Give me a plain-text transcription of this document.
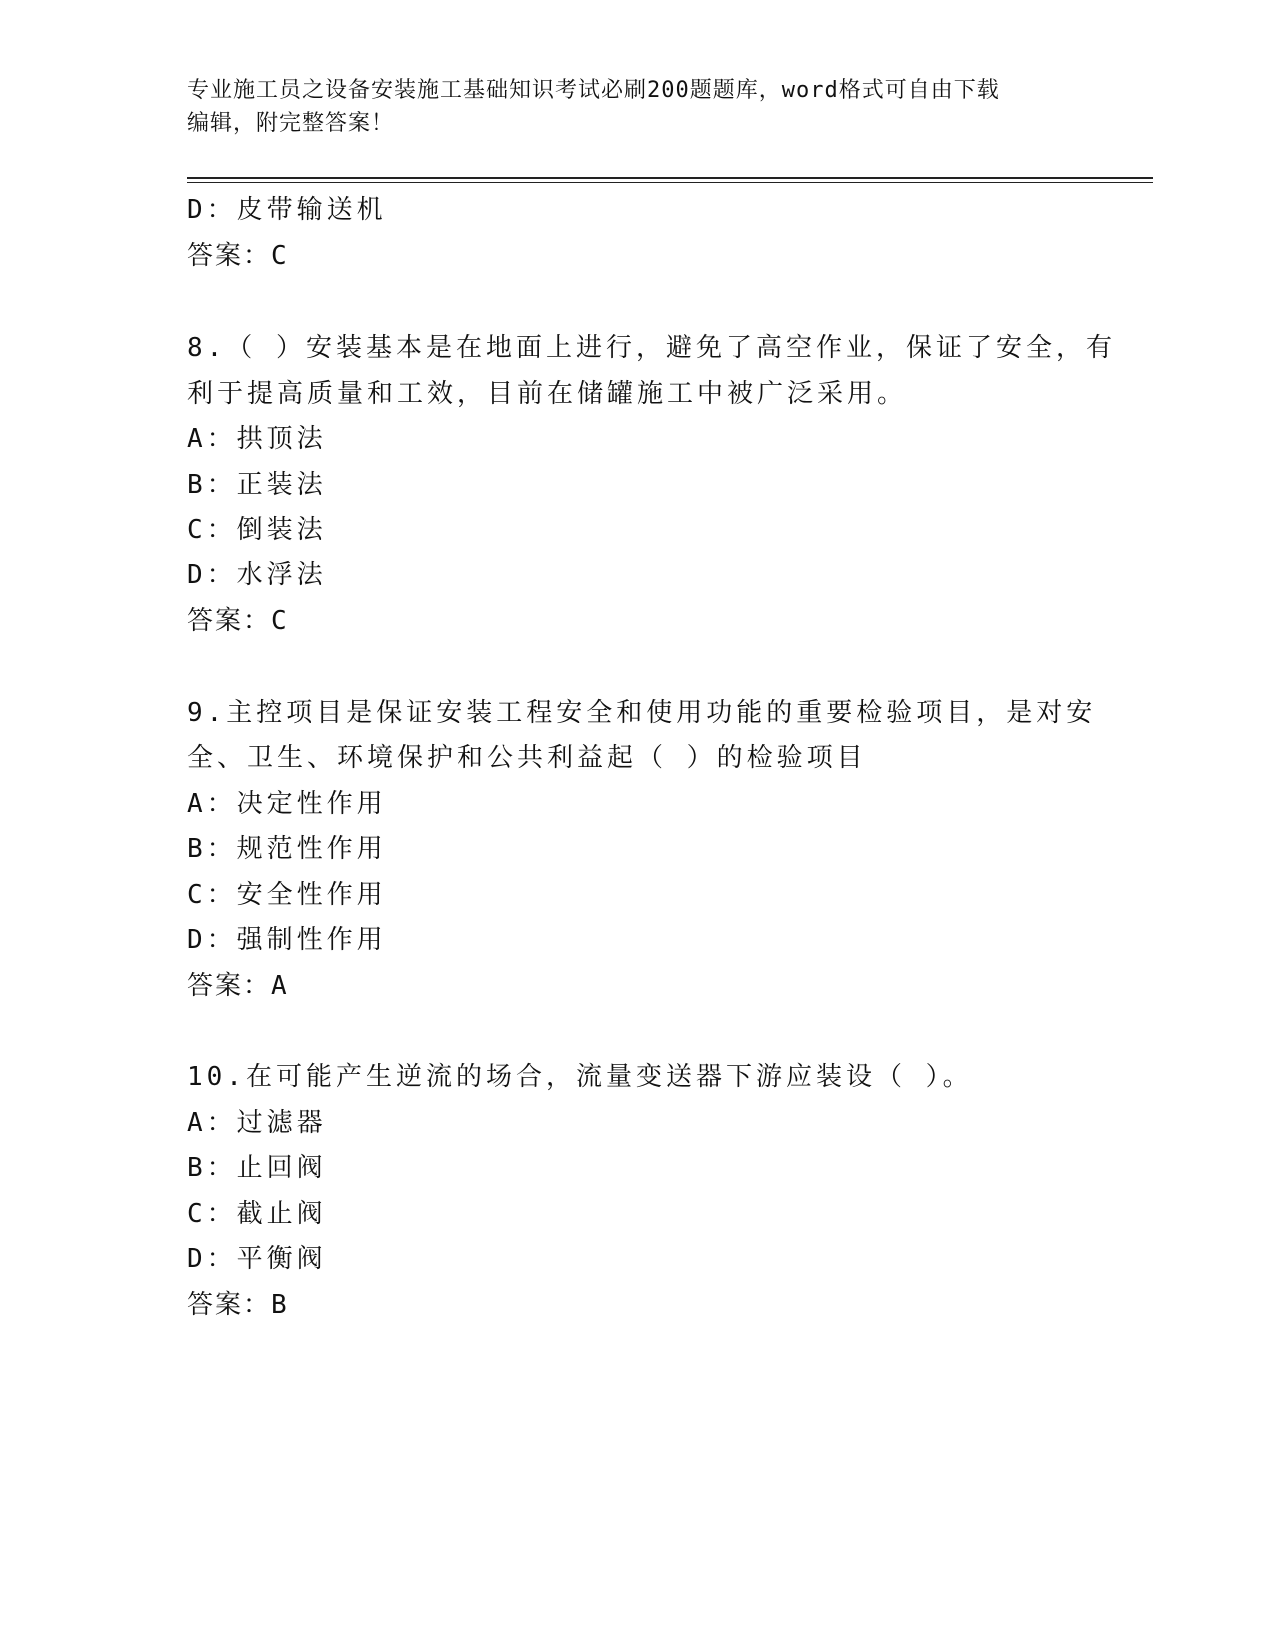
专业施工员之设备安装施工基础知识考试必刷200题题库，word格式可自由下载
编辑，附完整答案！
D：皮带输送机
答案：C
8.（ ）安装基本是在地面上进行，避免了高空作业，保证了安全，有
利于提高质量和工效，目前在储罐施工中被广泛采用。
A：拱顶法
B：正装法
C：倒装法
D：水浮法
答案：C
9.主控项目是保证安装工程安全和使用功能的重要检验项目，是对安
全、卫生、环境保护和公共利益起（ ）的检验项目
A：决定性作用
B：规范性作用
C：安全性作用
D：强制性作用
答案：A
10.在可能产生逆流的场合，流量变送器下游应装设（ ）。
A：过滤器
B：止回阀
C：截止阀
D：平衡阀
答案：B
